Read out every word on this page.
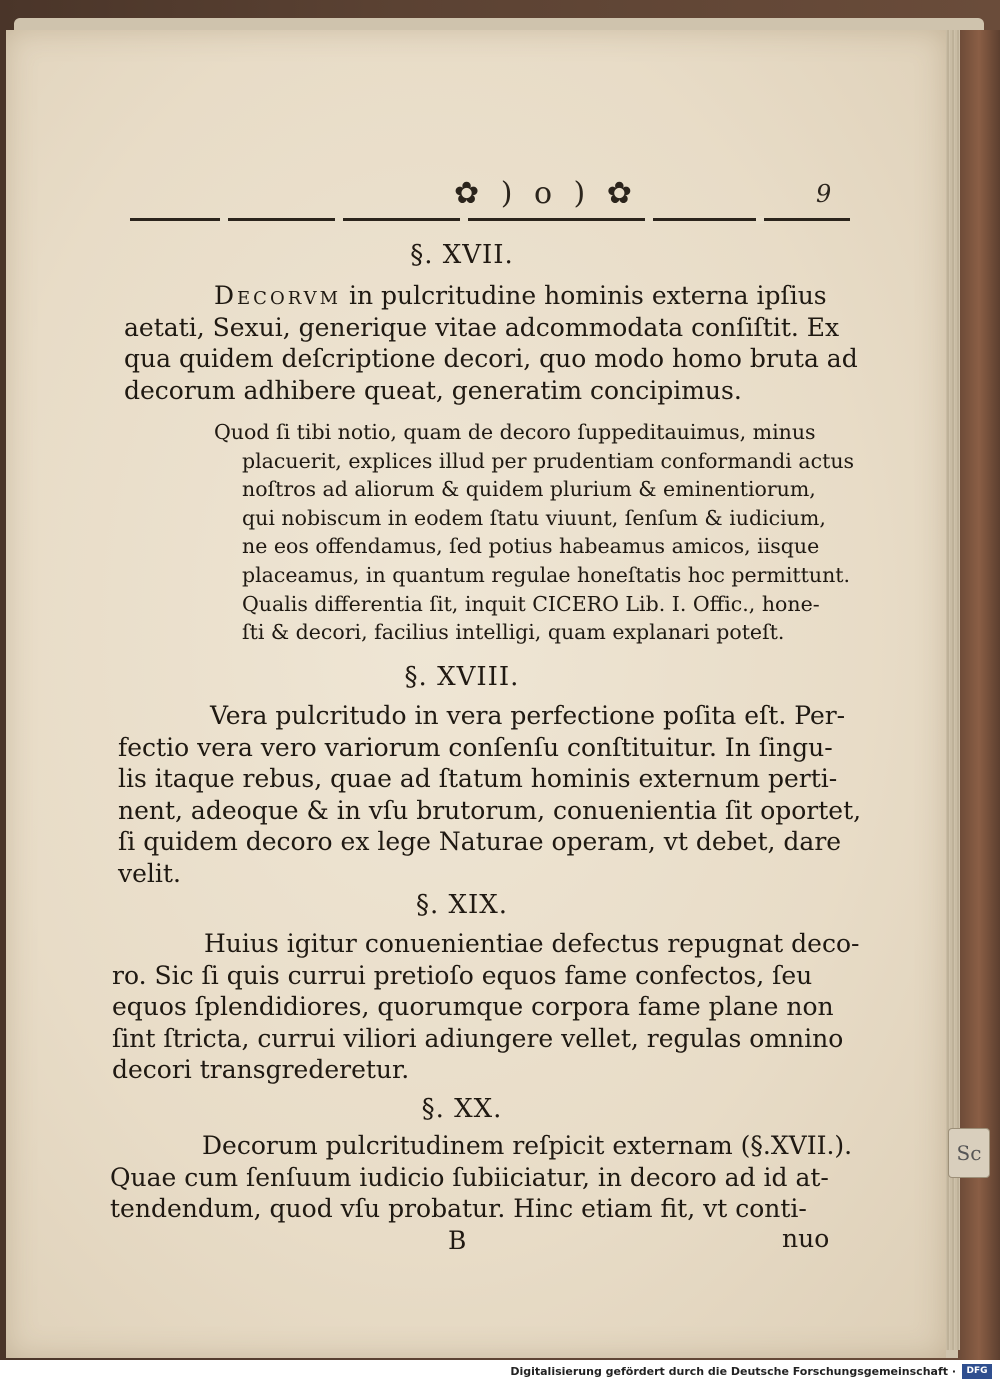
Sc
✿ ) o ) ✿	9
§. XVII.
Decorvm in pulcritudine hominis externa ipſius
aetati, Sexui, generique vitae adcommodata conſiſtit. Ex
qua quidem deſcriptione decori, quo modo homo bruta ad
decorum adhibere queat, generatim concipimus.
Quod ſi tibi notio, quam de decoro ſuppeditauimus, minus
placuerit, explices illud per prudentiam conformandi actus
noſtros ad aliorum & quidem plurium & eminentiorum,
qui nobiscum in eodem ſtatu viuunt, ſenſum & iudicium,
ne eos offendamus, ſed potius habeamus amicos, iisque
placeamus, in quantum regulae honeſtatis hoc permittunt.
Qualis differentia ſit, inquit CICERO Lib. I. Offic., hone-
ſti & decori, facilius intelligi, quam explanari poteſt.
§. XVIII.
Vera pulcritudo in vera perfectione poſita eſt. Per-
fectio vera vero variorum conſenſu conſtituitur. In ſingu-
lis itaque rebus, quae ad ſtatum hominis externum perti-
nent, adeoque & in vſu brutorum, conuenientia ſit oportet,
ſi quidem decoro ex lege Naturae operam, vt debet, dare
velit.
§. XIX.
Huius igitur conuenientiae defectus repugnat deco-
ro. Sic ſi quis currui pretioſo equos fame confectos, ſeu
equos ſplendidiores, quorumque corpora fame plane non
ſint ſtricta, currui viliori adiungere vellet, regulas omnino
decori transgrederetur.
§. XX.
Decorum pulcritudinem reſpicit externam (§.XVII.).
Quae cum ſenſuum iudicio ſubiiciatur, in decoro ad id at-
tendendum, quod vſu probatur. Hinc etiam fit, vt conti-
B	nuo
Digitalisierung gefördert durch die Deutsche Forschungsgemeinschaft ·	DFG
